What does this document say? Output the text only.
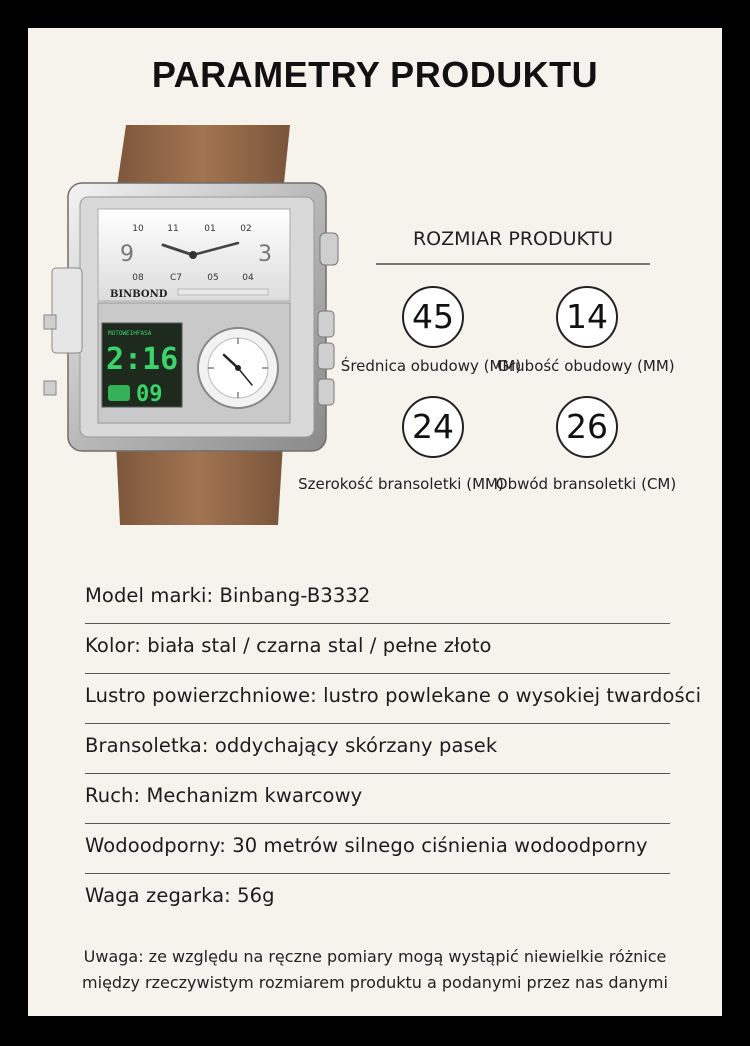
PARAMETRY PRODUKTU
10	11	01	02
08	C7	05	04
9	3
BINBOND
MOTOWEIHFASA
2:16
09
ROZMIAR PRODUKTU
45
Średnica obudowy (MM)
14
Grubość obudowy (MM)
24
Szerokość bransoletki (MM)
26
Obwód bransoletki (CM)
Model marki: Binbang-B3332
Kolor: biała stal / czarna stal / pełne złoto
Lustro powierzchniowe: lustro powlekane o wysokiej twardości
Bransoletka: oddychający skórzany pasek
Ruch: Mechanizm kwarcowy
Wodoodporny: 30 metrów silnego ciśnienia wodoodporny
Waga zegarka: 56g
Uwaga: ze względu na ręczne pomiary mogą wystąpić niewielkie różnice
między rzeczywistym rozmiarem produktu a podanymi przez nas danymi
